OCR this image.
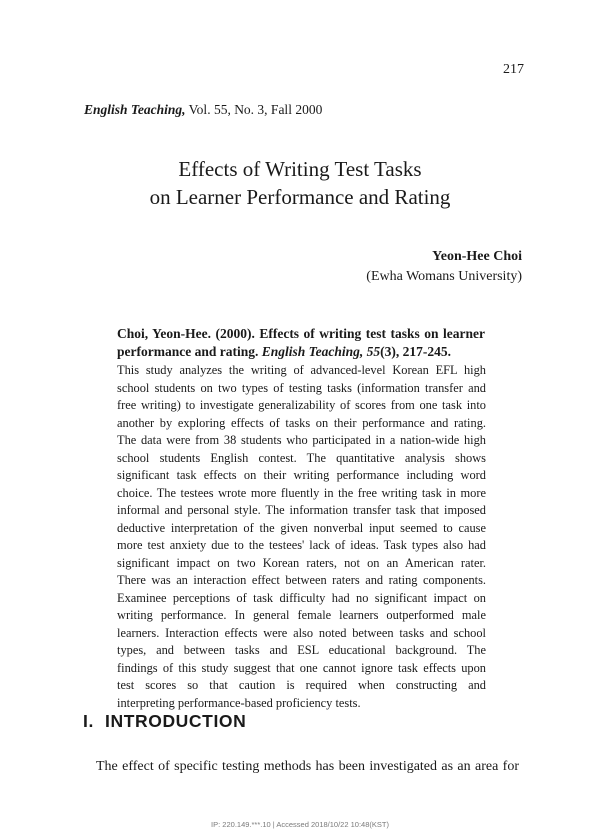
217
English Teaching, Vol. 55, No. 3, Fall 2000
Effects of Writing Test Tasks
on Learner Performance and Rating
Yeon-Hee Choi
(Ewha Womans University)
Choi, Yeon-Hee. (2000). Effects of writing test tasks on learner
performance and rating. English Teaching, 55(3), 217-245.
This study analyzes the writing of advanced-level Korean EFL high
school students on two types of testing tasks (information transfer and
free writing) to investigate generalizability of scores from one task into
another by exploring effects of tasks on their performance and rating.
The data were from 38 students who participated in a nation-wide high
school students English contest. The quantitative analysis shows
significant task effects on their writing performance including word
choice. The testees wrote more fluently in the free writing task in more
informal and personal style. The information transfer task that imposed
deductive interpretation of the given nonverbal input seemed to cause
more test anxiety due to the testees' lack of ideas. Task types also had
significant impact on two Korean raters, not on an American rater.
There was an interaction effect between raters and rating components.
Examinee perceptions of task difficulty had no significant impact on
writing performance. In general female learners outperformed male
learners. Interaction effects were also noted between tasks and school
types, and between tasks and ESL educational background. The
findings of this study suggest that one cannot ignore task effects upon
test scores so that caution is required when constructing and
interpreting performance-based proficiency tests.
I. INTRODUCTION
The effect of specific testing methods has been investigated as an area for
IP: 220.149.***.10 | Accessed 2018/10/22 10:48(KST)
